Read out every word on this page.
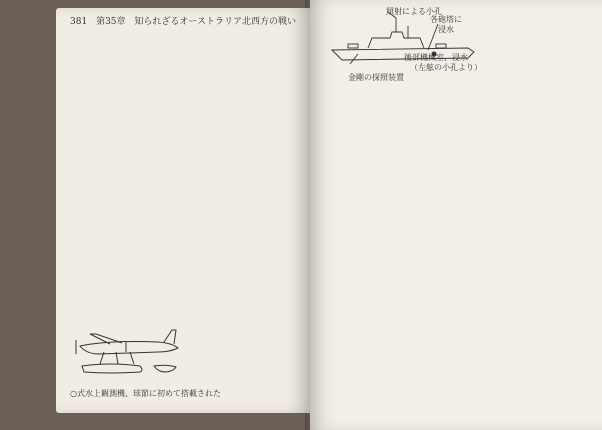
381 第35章 知られざるオーストラリア北西方の戦い
○式水上観測機、球節に初めて搭載された
照射による小孔
各砲塔に
浸水
後部機械室、浸水
（左舷の小孔より）
金剛の探照装置
